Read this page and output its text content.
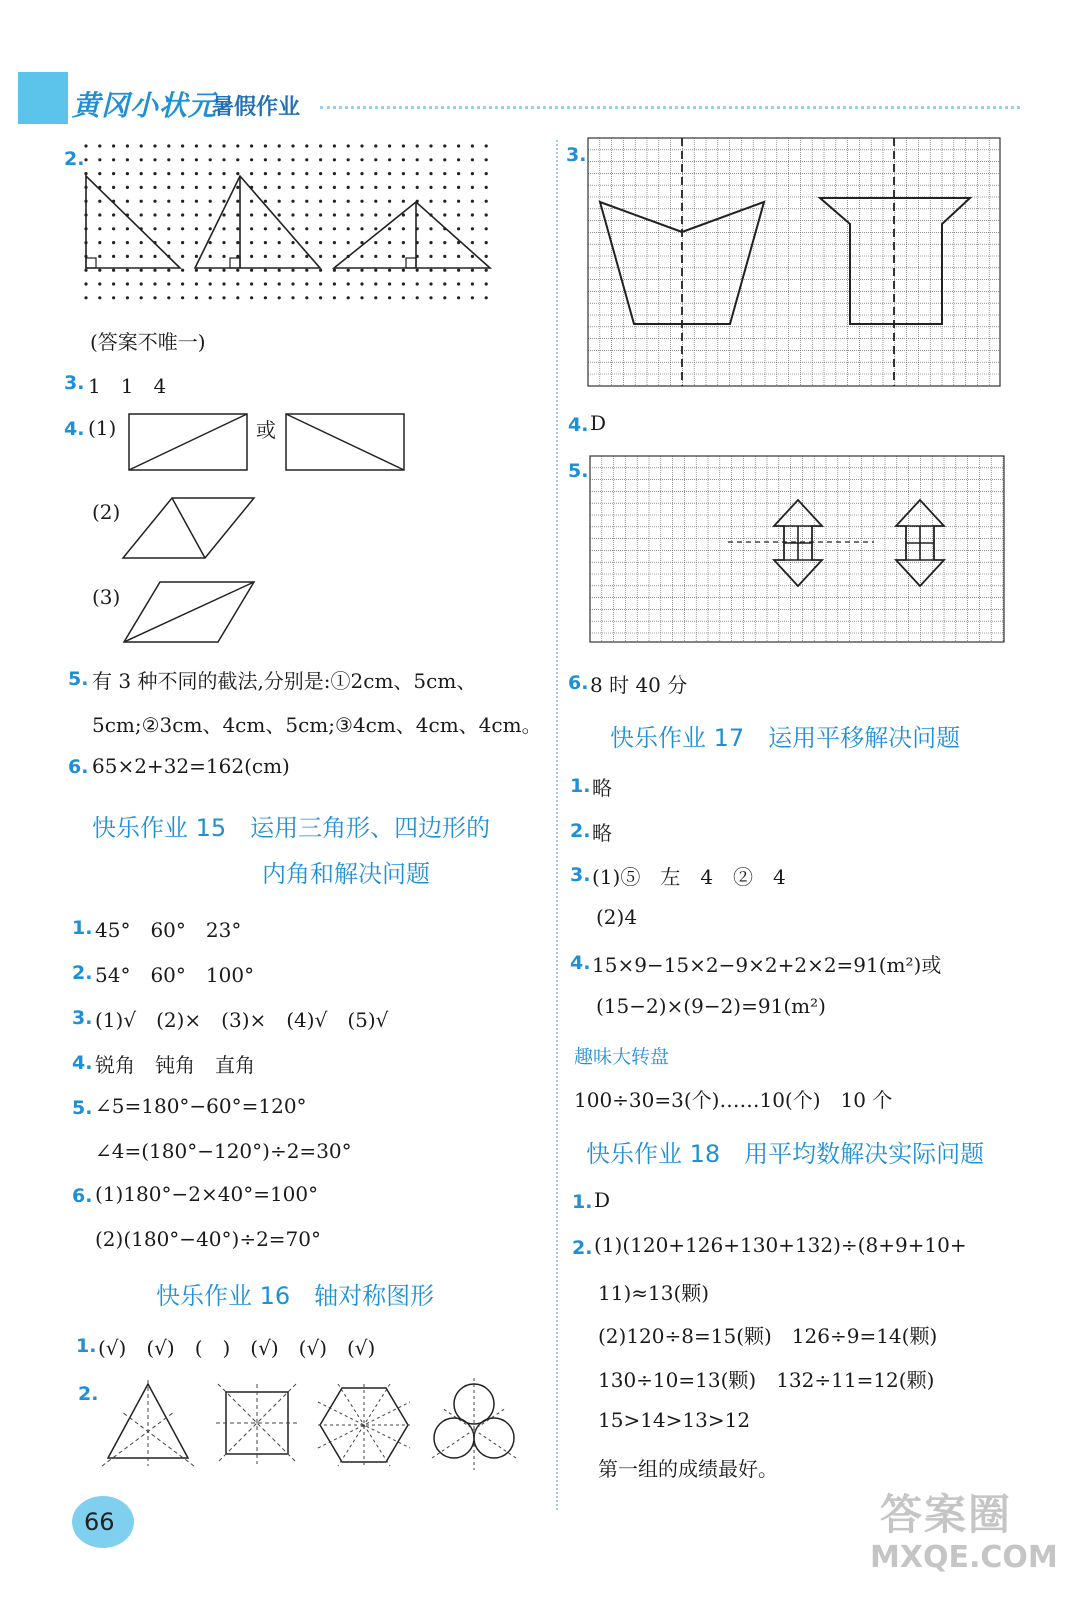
黄冈小状元
暑假作业
2.
(答案不唯一)
3. 1　1　4
4. (1)	或
(2)
(3)
5. 有 3 种不同的截法,分别是:①2cm、5cm、
5cm;②3cm、4cm、5cm;③4cm、4cm、4cm。
6. 65×2+32=162(cm)
快乐作业 15　运用三角形、四边形的
内角和解决问题
1. 45°　60°　23°
2. 54°　60°　100°
3. (1)√　(2)×　(3)×　(4)√　(5)√
4. 锐角　钝角　直角
5. ∠5=180°−60°=120°
∠4=(180°−120°)÷2=30°
6. (1)180°−2×40°=100°
(2)(180°−40°)÷2=70°
快乐作业 16　轴对称图形
1. (√)　(√)　(　)　(√)　(√)　(√)
2.
3.
4. D
5.
6. 8 时 40 分
快乐作业 17　运用平移解决问题
1. 略
2. 略
3. (1)⑤　左　4　②　4
(2)4
4. 15×9−15×2−9×2+2×2=91(m²)或
(15−2)×(9−2)=91(m²)
趣味大转盘
100÷30=3(个)……10(个)　10 个
快乐作业 18　用平均数解决实际问题
1. D
2. (1)(120+126+130+132)÷(8+9+10+
11)≈13(颗)
(2)120÷8=15(颗)　126÷9=14(颗)
130÷10=13(颗)　132÷11=12(颗)
15>14>13>12
第一组的成绩最好。
66	答案圈
MXQE.COM
